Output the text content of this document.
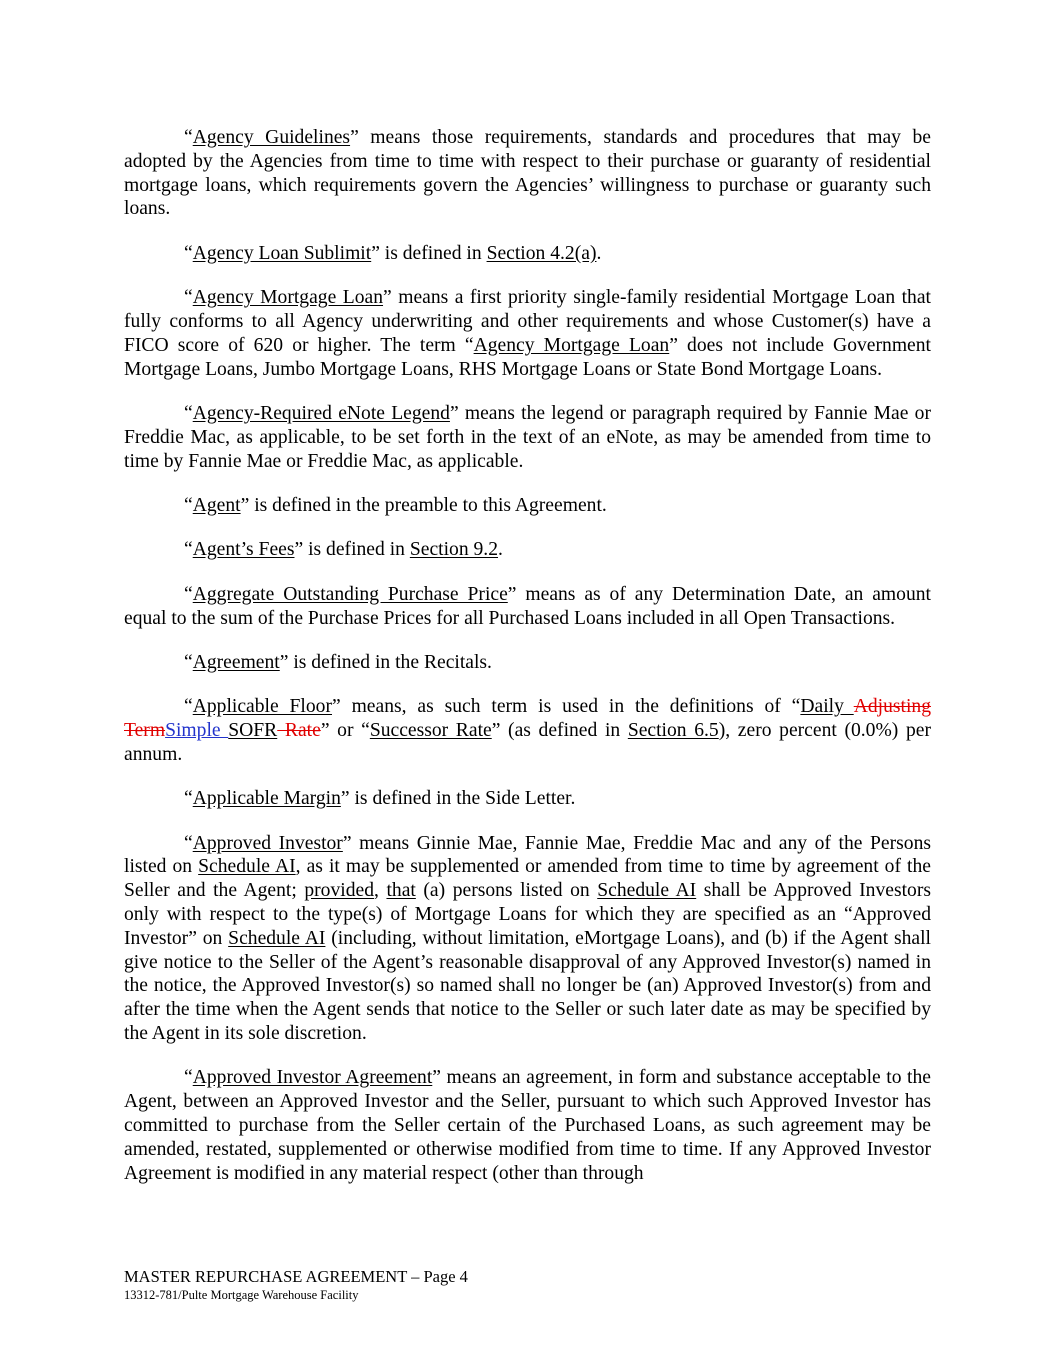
“Agency Guidelines” means those requirements, standards and procedures that may be adopted by the Agencies from time to time with respect to their purchase or guaranty of residential mortgage loans, which requirements govern the Agencies’ willingness to purchase or guaranty such loans.

“Agency Loan Sublimit” is defined in Section 4.2(a).

“Agency Mortgage Loan” means a first priority single-family residential Mortgage Loan that fully conforms to all Agency underwriting and other requirements and whose Customer(s) have a FICO score of 620 or higher. The term “Agency Mortgage Loan” does not include Government Mortgage Loans, Jumbo Mortgage Loans, RHS Mortgage Loans or State Bond Mortgage Loans.

“Agency-Required eNote Legend” means the legend or paragraph required by Fannie Mae or Freddie Mac, as applicable, to be set forth in the text of an eNote, as may be amended from time to time by Fannie Mae or Freddie Mac, as applicable.

“Agent” is defined in the preamble to this Agreement.

“Agent’s Fees” is defined in Section 9.2.

“Aggregate Outstanding Purchase Price” means as of any Determination Date, an amount equal to the sum of the Purchase Prices for all Purchased Loans included in all Open Transactions.

“Agreement” is defined in the Recitals.

“Applicable Floor” means, as such term is used in the definitions of “Daily Adjusting TermSimple SOFR Rate” or “Successor Rate” (as defined in Section 6.5), zero percent (0.0%) per annum.

“Applicable Margin” is defined in the Side Letter.

“Approved Investor” means Ginnie Mae, Fannie Mae, Freddie Mac and any of the Persons listed on Schedule AI, as it may be supplemented or amended from time to time by agreement of the Seller and the Agent; provided, that (a) persons listed on Schedule AI shall be Approved Investors only with respect to the type(s) of Mortgage Loans for which they are specified as an “Approved Investor” on Schedule AI (including, without limitation, eMortgage Loans), and (b) if the Agent shall give notice to the Seller of the Agent’s reasonable disapproval of any Approved Investor(s) named in the notice, the Approved Investor(s) so named shall no longer be (an) Approved Investor(s) from and after the time when the Agent sends that notice to the Seller or such later date as may be specified by the Agent in its sole discretion.

“Approved Investor Agreement” means an agreement, in form and substance acceptable to the Agent, between an Approved Investor and the Seller, pursuant to which such Approved Investor has committed to purchase from the Seller certain of the Purchased Loans, as such agreement may be amended, restated, supplemented or otherwise modified from time to time. If any Approved Investor Agreement is modified in any material respect (other than through

MASTER REPURCHASE AGREEMENT – Page 4
13312-781/Pulte Mortgage Warehouse Facility
